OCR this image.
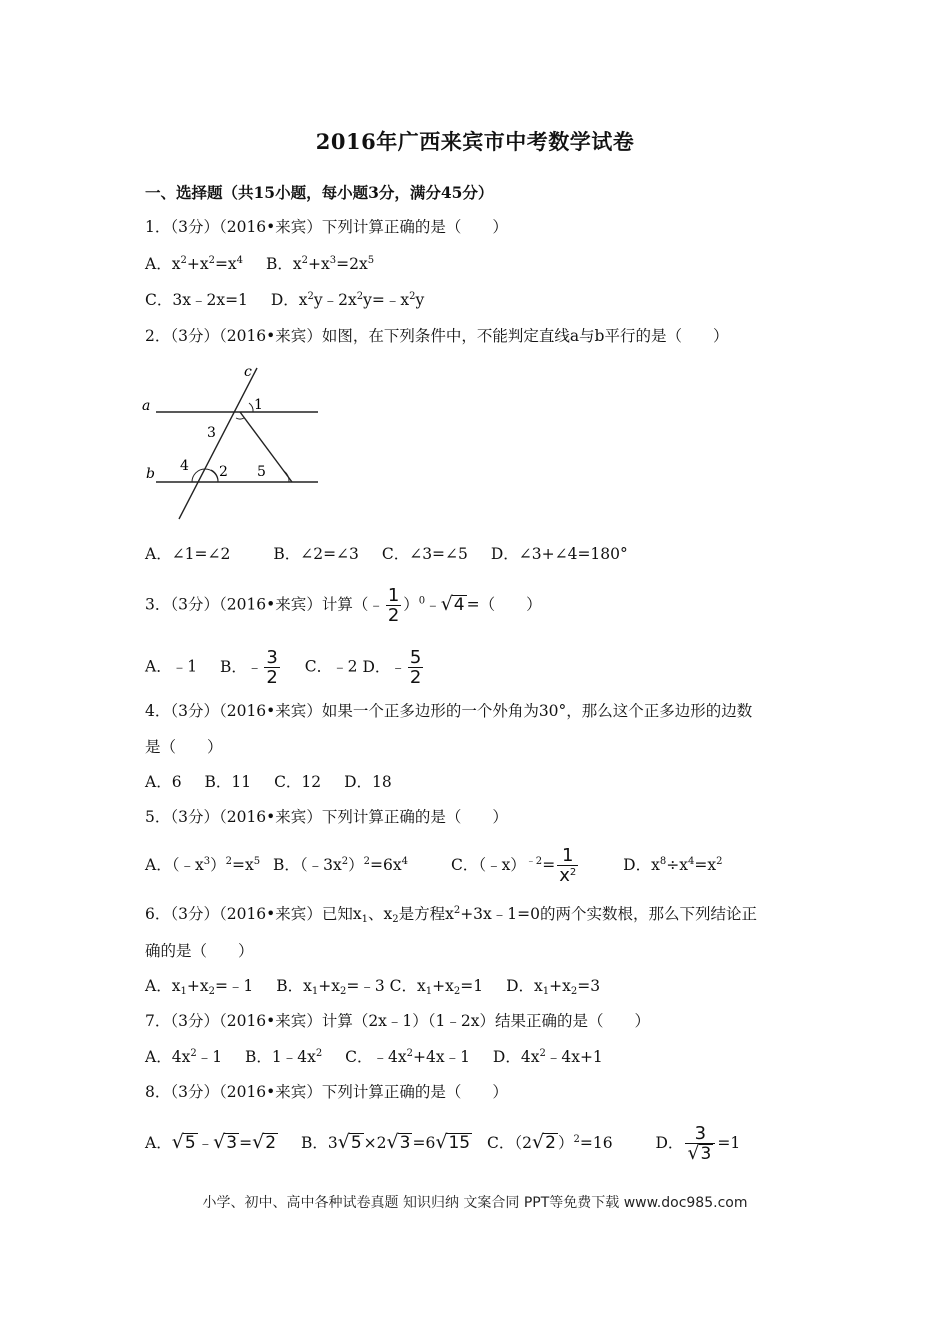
2016年广西来宾市中考数学试卷
一、选择题（共15小题，每小题3分，满分45分）
1．（3分）（2016•来宾）下列计算正确的是（　　）
A．$x^2+x^2=x^4$ B．$x^2+x^3=2x^5$
C．3x﹣2x=1 D．$x^2y﹣2x^2y=﹣x^2y$
2．（3分）（2016•来宾）如图，在下列条件中，不能判定直线a与b平行的是（　　）
a
b
c
1
3
4 2 5
A．∠1=∠2	B．∠2=∠3 C．∠3=∠5 D．∠3+∠4=180°
3．（3分）（2016•来宾）计算（﹣ $\frac{1}{2}$ ）$^0$﹣√4 =（　　）
A．﹣1 B．﹣ $\frac{3}{2}$ C．﹣2 D．﹣ $\frac{5}{2}$
4．（3分）（2016•来宾）如果一个正多边形的一个外角为30°，那么这个正多边形的边数
是（　　）
A．6 B．11 C．12 D．18
5．（3分）（2016•来宾）下列计算正确的是（　　）
A．$(﹣x^3)^2=x^5$ B．$(﹣3x^2)^2=6x^4$	C．（﹣x）$^{﹣2}$= $\frac{1}{x^2}$	D．$x^8\div x^4=x^2$
6．（3分）（2016•来宾）已知$x_1$、$x_2$是方程$x^2+3x﹣1=0$的两个实数根，那么下列结论正
确的是（　　）
A．$x_1+x_2=﹣1$ B．$x_1+x_2=﹣3$ C．$x_1+x_2=1$ D．$x_1+x_2=3$
7．（3分）（2016•来宾）计算（2x﹣1）（1﹣2x）结果正确的是（　　）
A．$4x^2﹣1$ B．$1﹣4x^2$ C．$﹣4x^2+4x﹣1$ D．$4x^2﹣4x+1$
8．（3分）（2016•来宾）下列计算正确的是（　　）
A．√5 ﹣√3 =√2 B．3√5 ×2√3 =6√15 C．（2√2 ）$^2$=16	D． $\frac{3}{√3} =1$
小学、初中、高中各种试卷真题 知识归纳 文案合同 PPT等免费下载 www.doc985.com
